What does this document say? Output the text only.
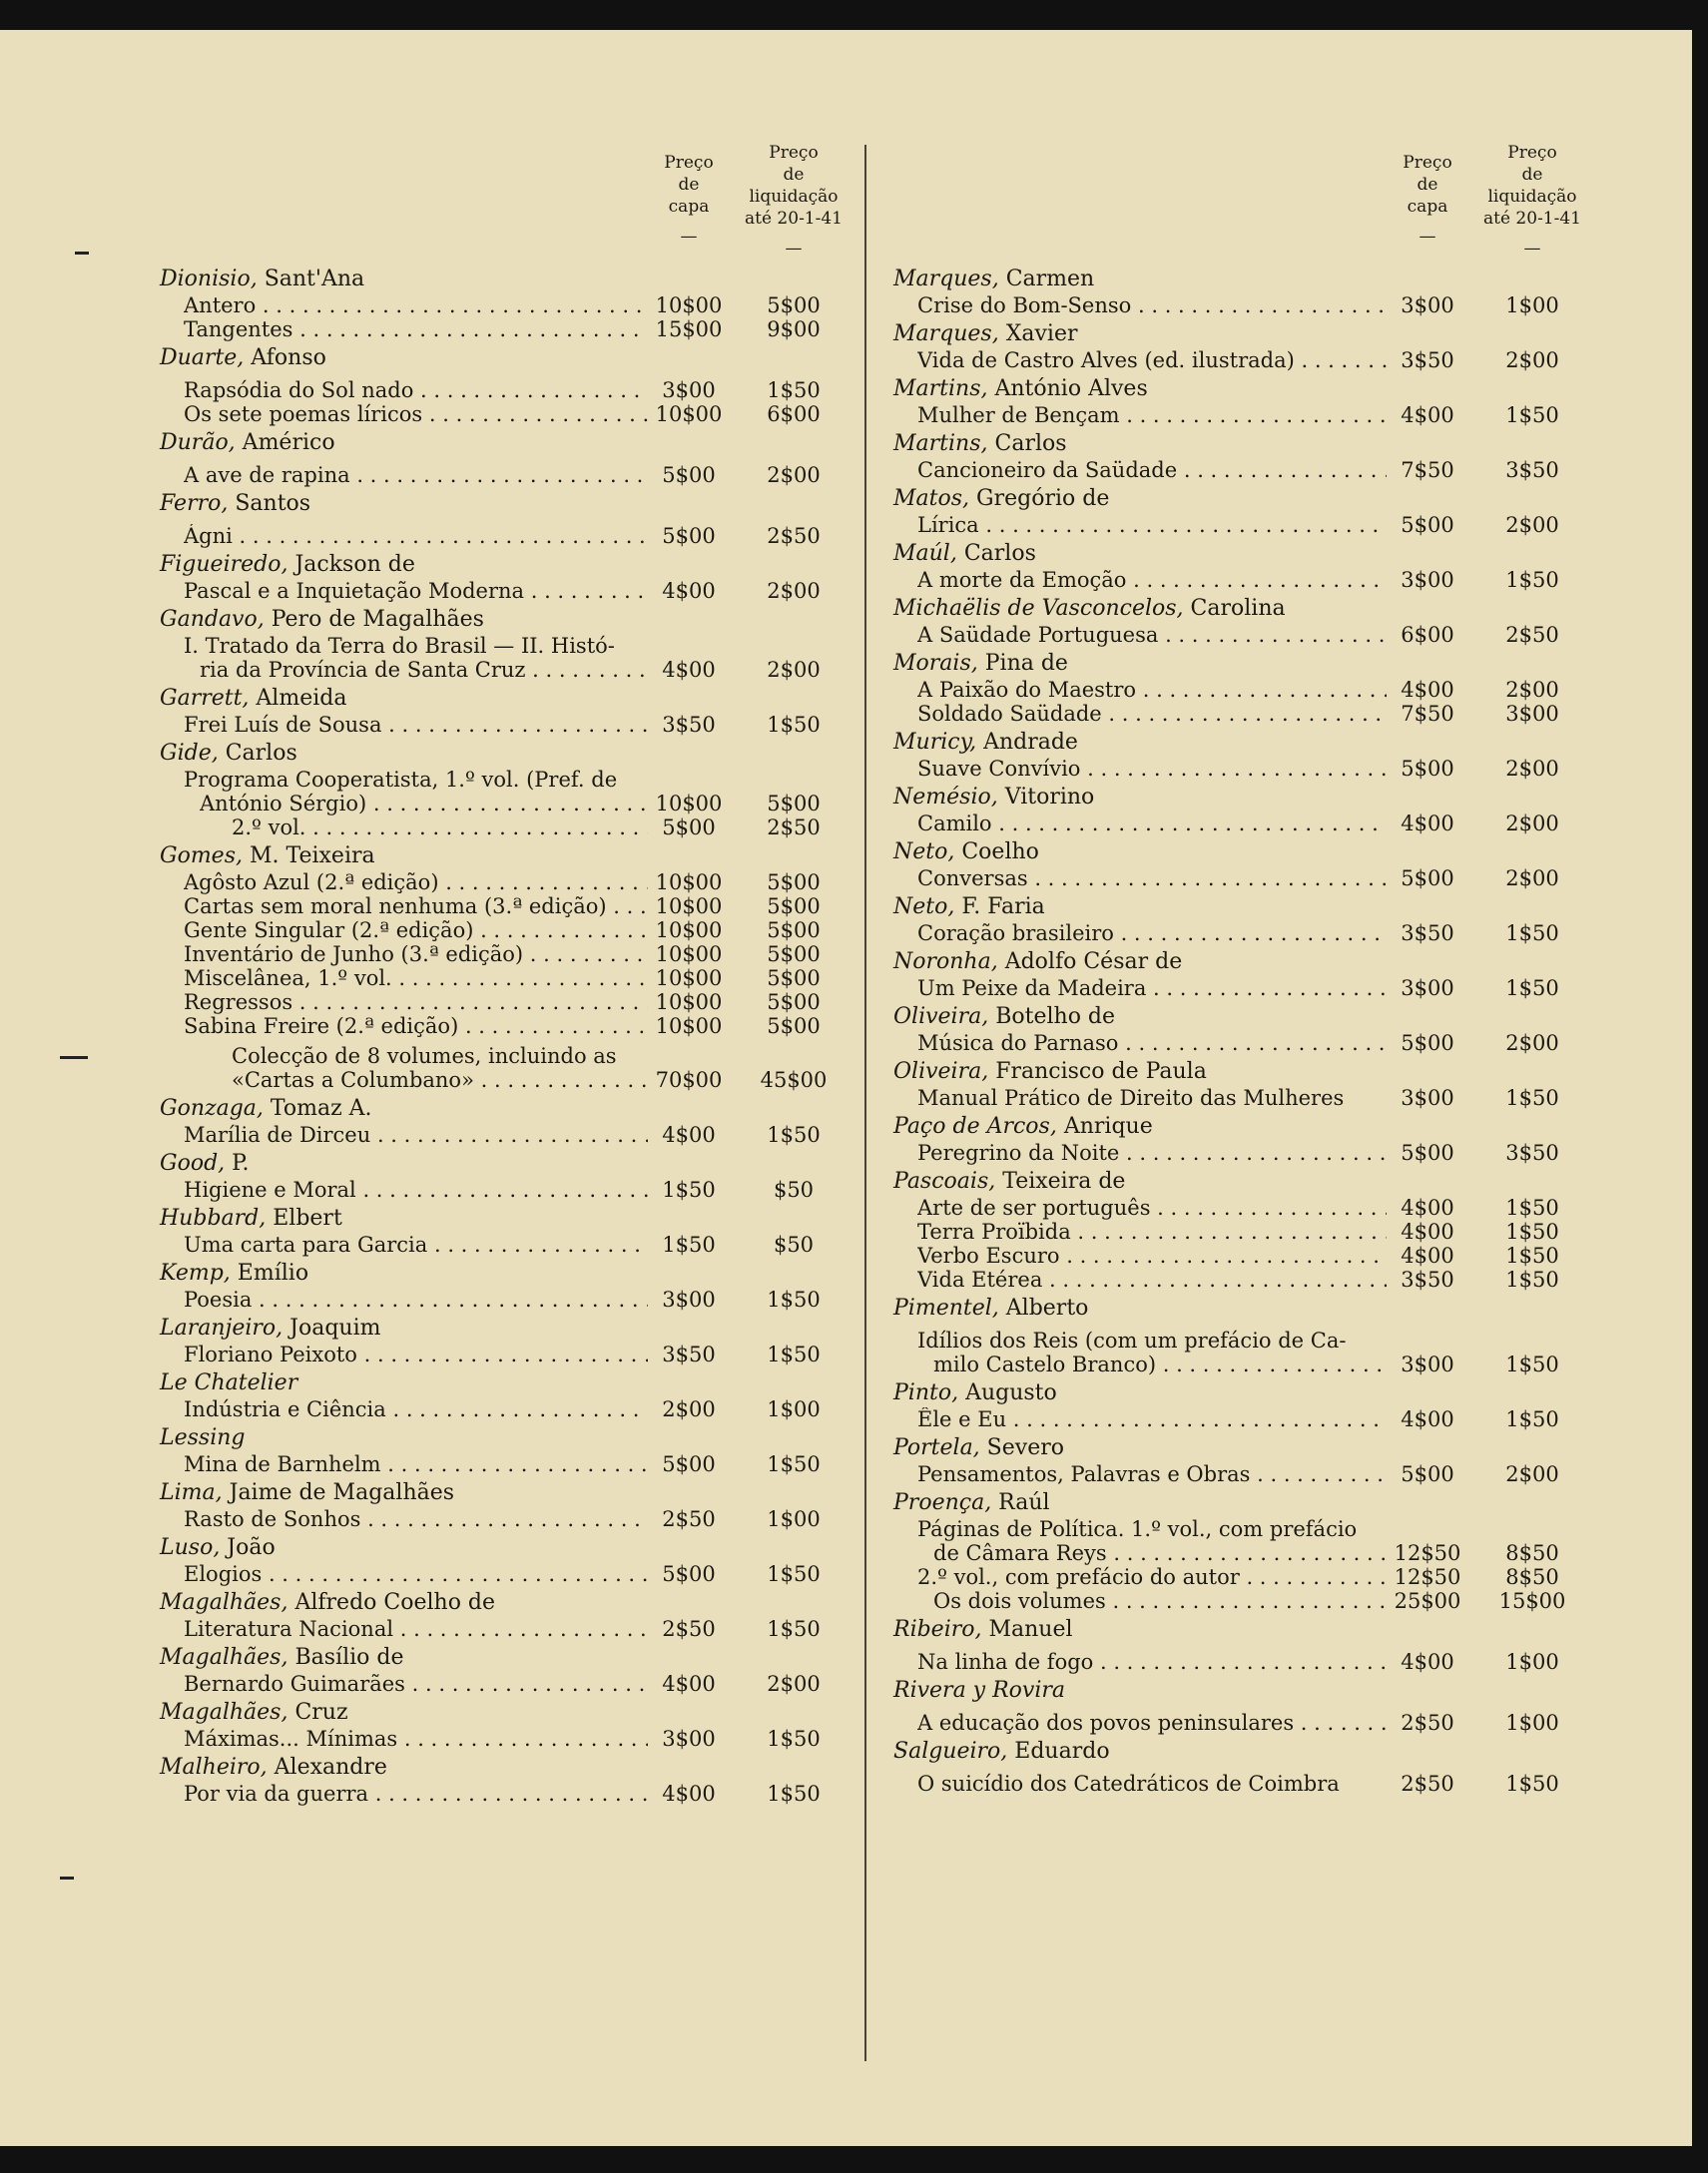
Preço
de
capa
—
Preço
de
liquidação
até 20-1-41
—
Dionisio, Sant'Ana
Antero . . .	10$00	5$00
Tangentes . . .	15$00	9$00
Duarte, Afonso
Rapsódia do Sol nado . . .	3$00	1$50
Os sete poemas líricos . . .	10$00	6$00
Durão, Américo
A ave de rapina . . .	5$00	2$00
Ferro, Santos
Ágni . . .	5$00	2$50
Figueiredo, Jackson de
Pascal e a Inquietação Moderna . . .	4$00	2$00
Gandavo, Pero de Magalhães
I. Tratado da Terra do Brasil — II. Histó-
ria da Província de Santa Cruz . . .	4$00	2$00
Garrett, Almeida
Frei Luís de Sousa . . .	3$50	1$50
Gide, Carlos
Programa Cooperatista, 1.º vol. (Pref. de
António Sérgio) . . .	10$00	5$00
2.º vol. . . .	5$00	2$50
Gomes, M. Teixeira
Agôsto Azul (2.ª edição) . . .	10$00	5$00
Cartas sem moral nenhuma (3.ª edição) . . .	10$00	5$00
Gente Singular (2.ª edição) . . .	10$00	5$00
Inventário de Junho (3.ª edição) . . .	10$00	5$00
Miscelânea, 1.º vol. . . .	10$00	5$00
Regressos . . .	10$00	5$00
Sabina Freire (2.ª edição) . . .	10$00	5$00
Colecção de 8 volumes, incluindo as
«Cartas a Columbano» . . .	70$00	45$00
Gonzaga, Tomaz A.
Marília de Dirceu . . .	4$00	1$50
Good, P.
Higiene e Moral . . .	1$50	$50
Hubbard, Elbert
Uma carta para Garcia . . .	1$50	$50
Kemp, Emílio
Poesia . . .	3$00	1$50
Laranjeiro, Joaquim
Floriano Peixoto . . .	3$50	1$50
Le Chatelier
Indústria e Ciência . . .	2$00	1$00
Lessing
Mina de Barnhelm . . .	5$00	1$50
Lima, Jaime de Magalhães
Rasto de Sonhos . . .	2$50	1$00
Luso, João
Elogios . . .	5$00	1$50
Magalhães, Alfredo Coelho de
Literatura Nacional . . .	2$50	1$50
Magalhães, Basílio de
Bernardo Guimarães . . .	4$00	2$00
Magalhães, Cruz
Máximas... Mínimas . . .	3$00	1$50
Malheiro, Alexandre
Por via da guerra . . .	4$00	1$50
Preço
de
capa
—
Preço
de
liquidação
até 20-1-41
—
Marques, Carmen
Crise do Bom-Senso . . .	3$00	1$00
Marques, Xavier
Vida de Castro Alves (ed. ilustrada) . . .	3$50	2$00
Martins, António Alves
Mulher de Bençam . . .	4$00	1$50
Martins, Carlos
Cancioneiro da Saüdade . . .	7$50	3$50
Matos, Gregório de
Lírica . . .	5$00	2$00
Maúl, Carlos
A morte da Emoção . . .	3$00	1$50
Michaëlis de Vasconcelos, Carolina
A Saüdade Portuguesa . . .	6$00	2$50
Morais, Pina de
A Paixão do Maestro . . .	4$00	2$00
Soldado Saüdade . . .	7$50	3$00
Muricy, Andrade
Suave Convívio . . .	5$00	2$00
Nemésio, Vitorino
Camilo . . .	4$00	2$00
Neto, Coelho
Conversas . . .	5$00	2$00
Neto, F. Faria
Coração brasileiro . . .	3$50	1$50
Noronha, Adolfo César de
Um Peixe da Madeira . . .	3$00	1$50
Oliveira, Botelho de
Música do Parnaso . . .	5$00	2$00
Oliveira, Francisco de Paula
Manual Prático de Direito das Mulheres	3$00	1$50
Paço de Arcos, Anrique
Peregrino da Noite . . .	5$00	3$50
Pascoais, Teixeira de
Arte de ser português . . .	4$00	1$50
Terra Proïbida . . .	4$00	1$50
Verbo Escuro . . .	4$00	1$50
Vida Etérea . . .	3$50	1$50
Pimentel, Alberto
Idílios dos Reis (com um prefácio de Ca-
milo Castelo Branco) . . .	3$00	1$50
Pinto, Augusto
Êle e Eu . . .	4$00	1$50
Portela, Severo
Pensamentos, Palavras e Obras . . .	5$00	2$00
Proença, Raúl
Páginas de Política. 1.º vol., com prefácio
de Câmara Reys . . .	12$50	8$50
2.º vol., com prefácio do autor . . .	12$50	8$50
Os dois volumes . . .	25$00	15$00
Ribeiro, Manuel
Na linha de fogo . . .	4$00	1$00
Rivera y Rovira
A educação dos povos peninsulares . . .	2$50	1$00
Salgueiro, Eduardo
O suicídio dos Catedráticos de Coimbra	2$50	1$50
